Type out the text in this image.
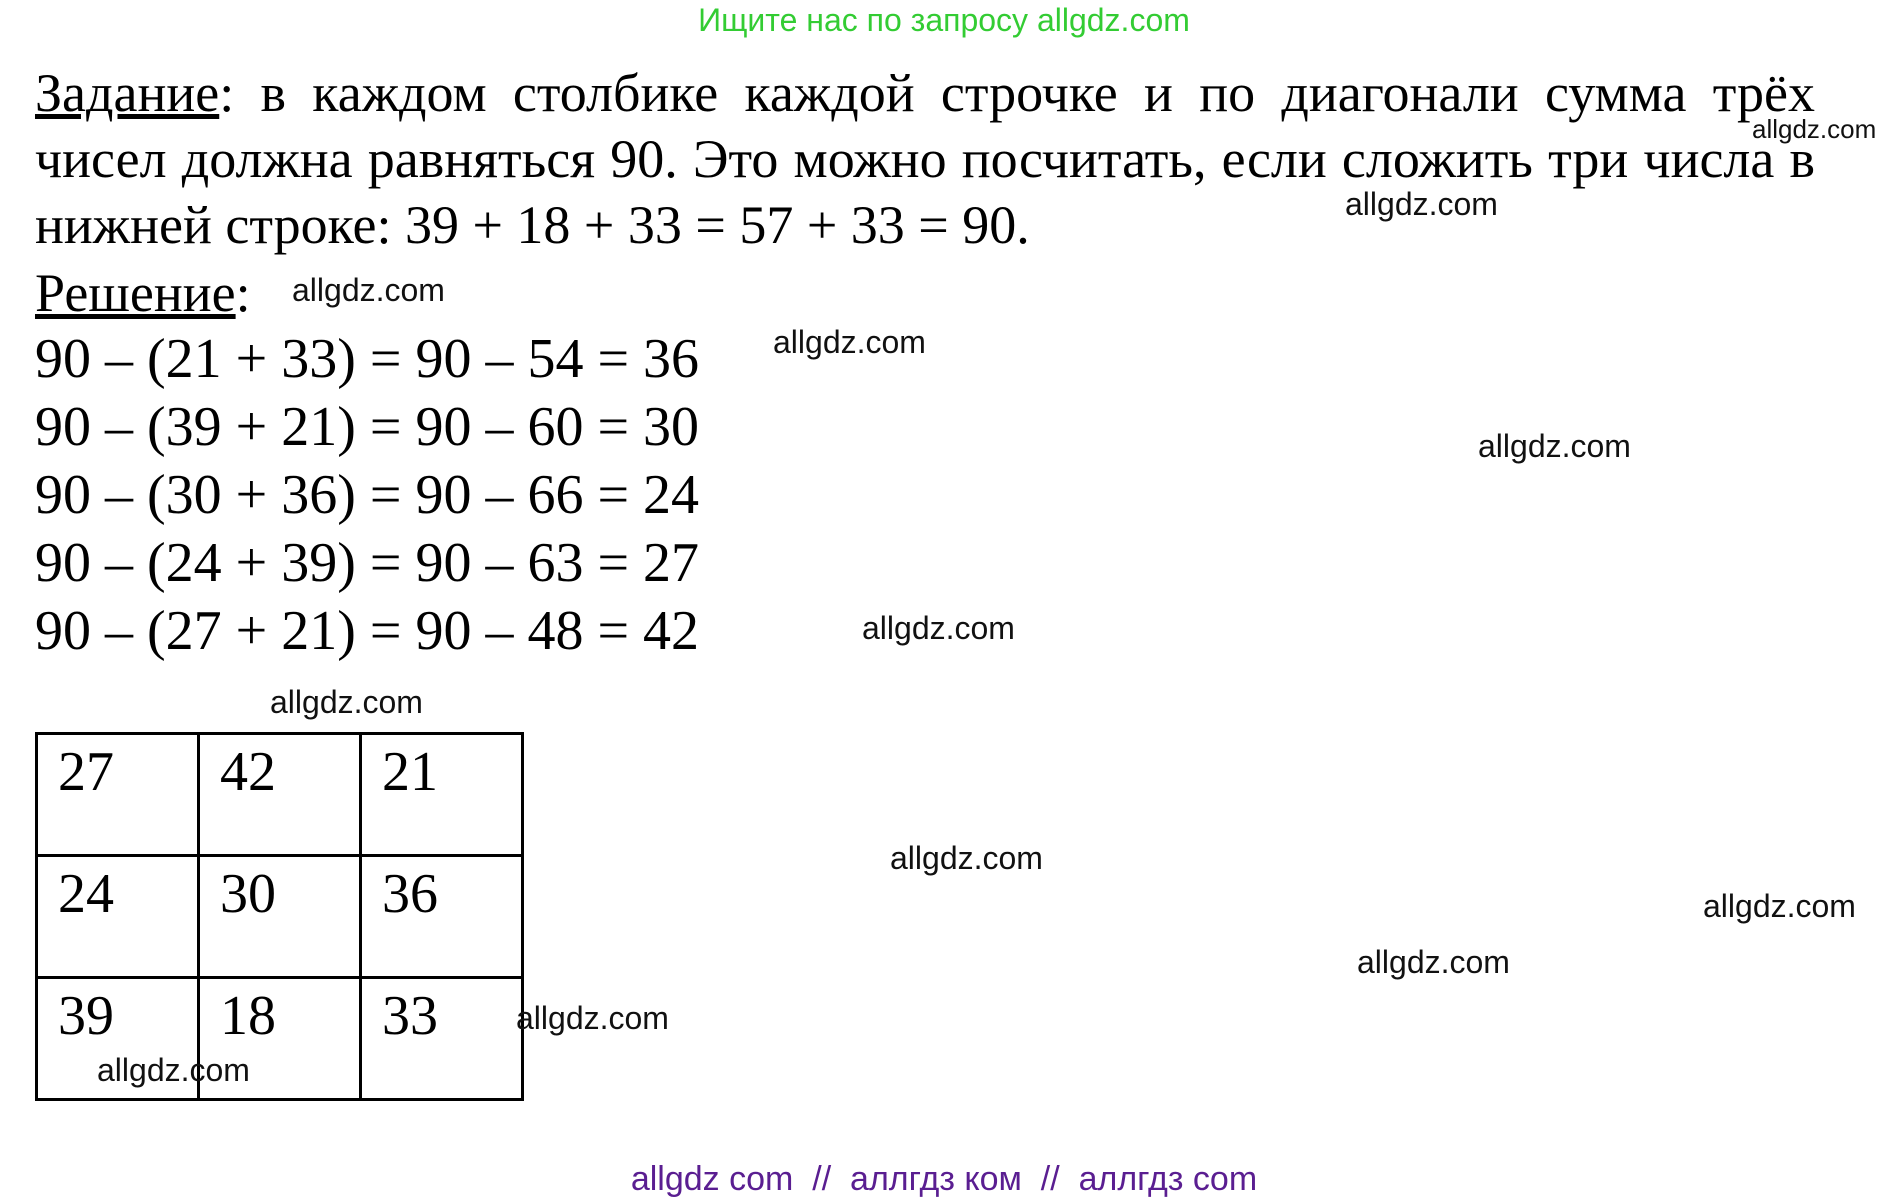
Ищите нас по запросу allgdz.com
Задание: в каждом столбике каждой строчке и по диагонали сумма трёх чисел должна равняться 90. Это можно посчитать, если сложить три числа в нижней строке: 39 + 18 + 33 = 57 + 33 = 90.
Решение:
90 – (21 + 33) = 90 – 54 = 36
90 – (39 + 21) = 90 – 60 = 30
90 – (30 + 36) = 90 – 66 = 24
90 – (24 + 39) = 90 – 63 = 27
90 – (27 + 21) = 90 – 48 = 42
27	42	21
24	30	36
39	18	33
allgdz.com
allgdz.com
allgdz.com
allgdz.com
allgdz.com
allgdz.com
allgdz.com
allgdz.com
allgdz.com
allgdz.com
allgdz.com
allgdz.com
allgdz com  //  аллгдз ком  //  аллгдз com
